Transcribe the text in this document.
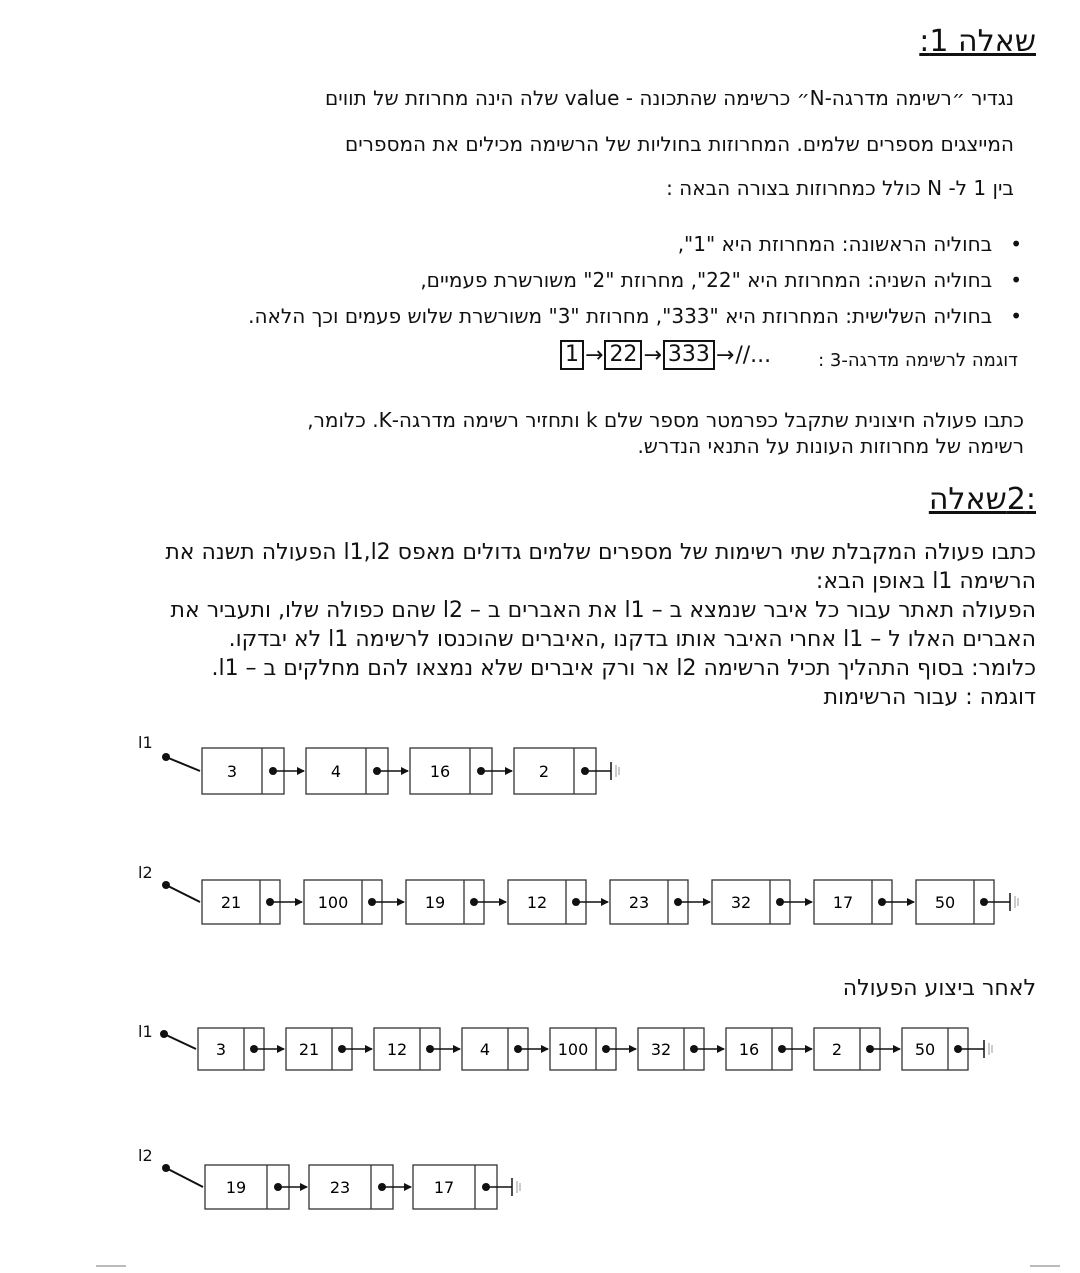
שאלה 1:
נגדיר ״רשימה מדרגה-N״ כרשימה שהתכונה - value שלה הינה מחרוזת של תווים
המייצגים מספרים שלמים. המחרוזות בחוליות של הרשימה מכילים את המספרים
בין 1 ל- N כולל כמחרוזות בצורה הבאה :
• בחוליה הראשונה: המחרוזת היא "1",
• בחוליה השניה: המחרוזת היא "22", מחרוזת "2" משורשרת פעמיים,
• בחוליה השלישית: המחרוזת היא "333", מחרוזת "3" משורשרת שלוש פעמים וכך הלאה.
דוגמה לרשימה מדרגה-3 :
1 → 22 → 333 → //...
כתבו פעולה חיצונית שתקבל כפרמטר מספר שלם k ותחזיר רשימה מדרגה-K. כלומר,
רשימה של מחרוזות העונות על התנאי הנדרש.
:2שאלה
כתבו פעולה המקבלת שתי רשימות של מספרים שלמים גדולים מאפס l1,l2 הפעולה תשנה את
הרשימה l1 באופן הבא:
הפעולה תאתר עבור כל איבר שנמצא ב – l1 את האברים ב – l2 שהם כפולה שלו, ותעביר את
האברים האלו ל – l1 אחרי האיבר אותו בדקנו ,האיברים שהוכנסו לרשימה l1 לא יבדקו.
כלומר: בסוף התהליך תכיל הרשימה l2 אר ורק איברים שלא נמצאו להם מחלקים ב – l1.
דוגמה : עבור הרשימות
l1
l2
l1
l2
לאחר ביצוע הפעולה
3	4	16	2
21	100	19	12	23	32	17	50
3	21	12	4	100	32	16	2	50
19	23	17
